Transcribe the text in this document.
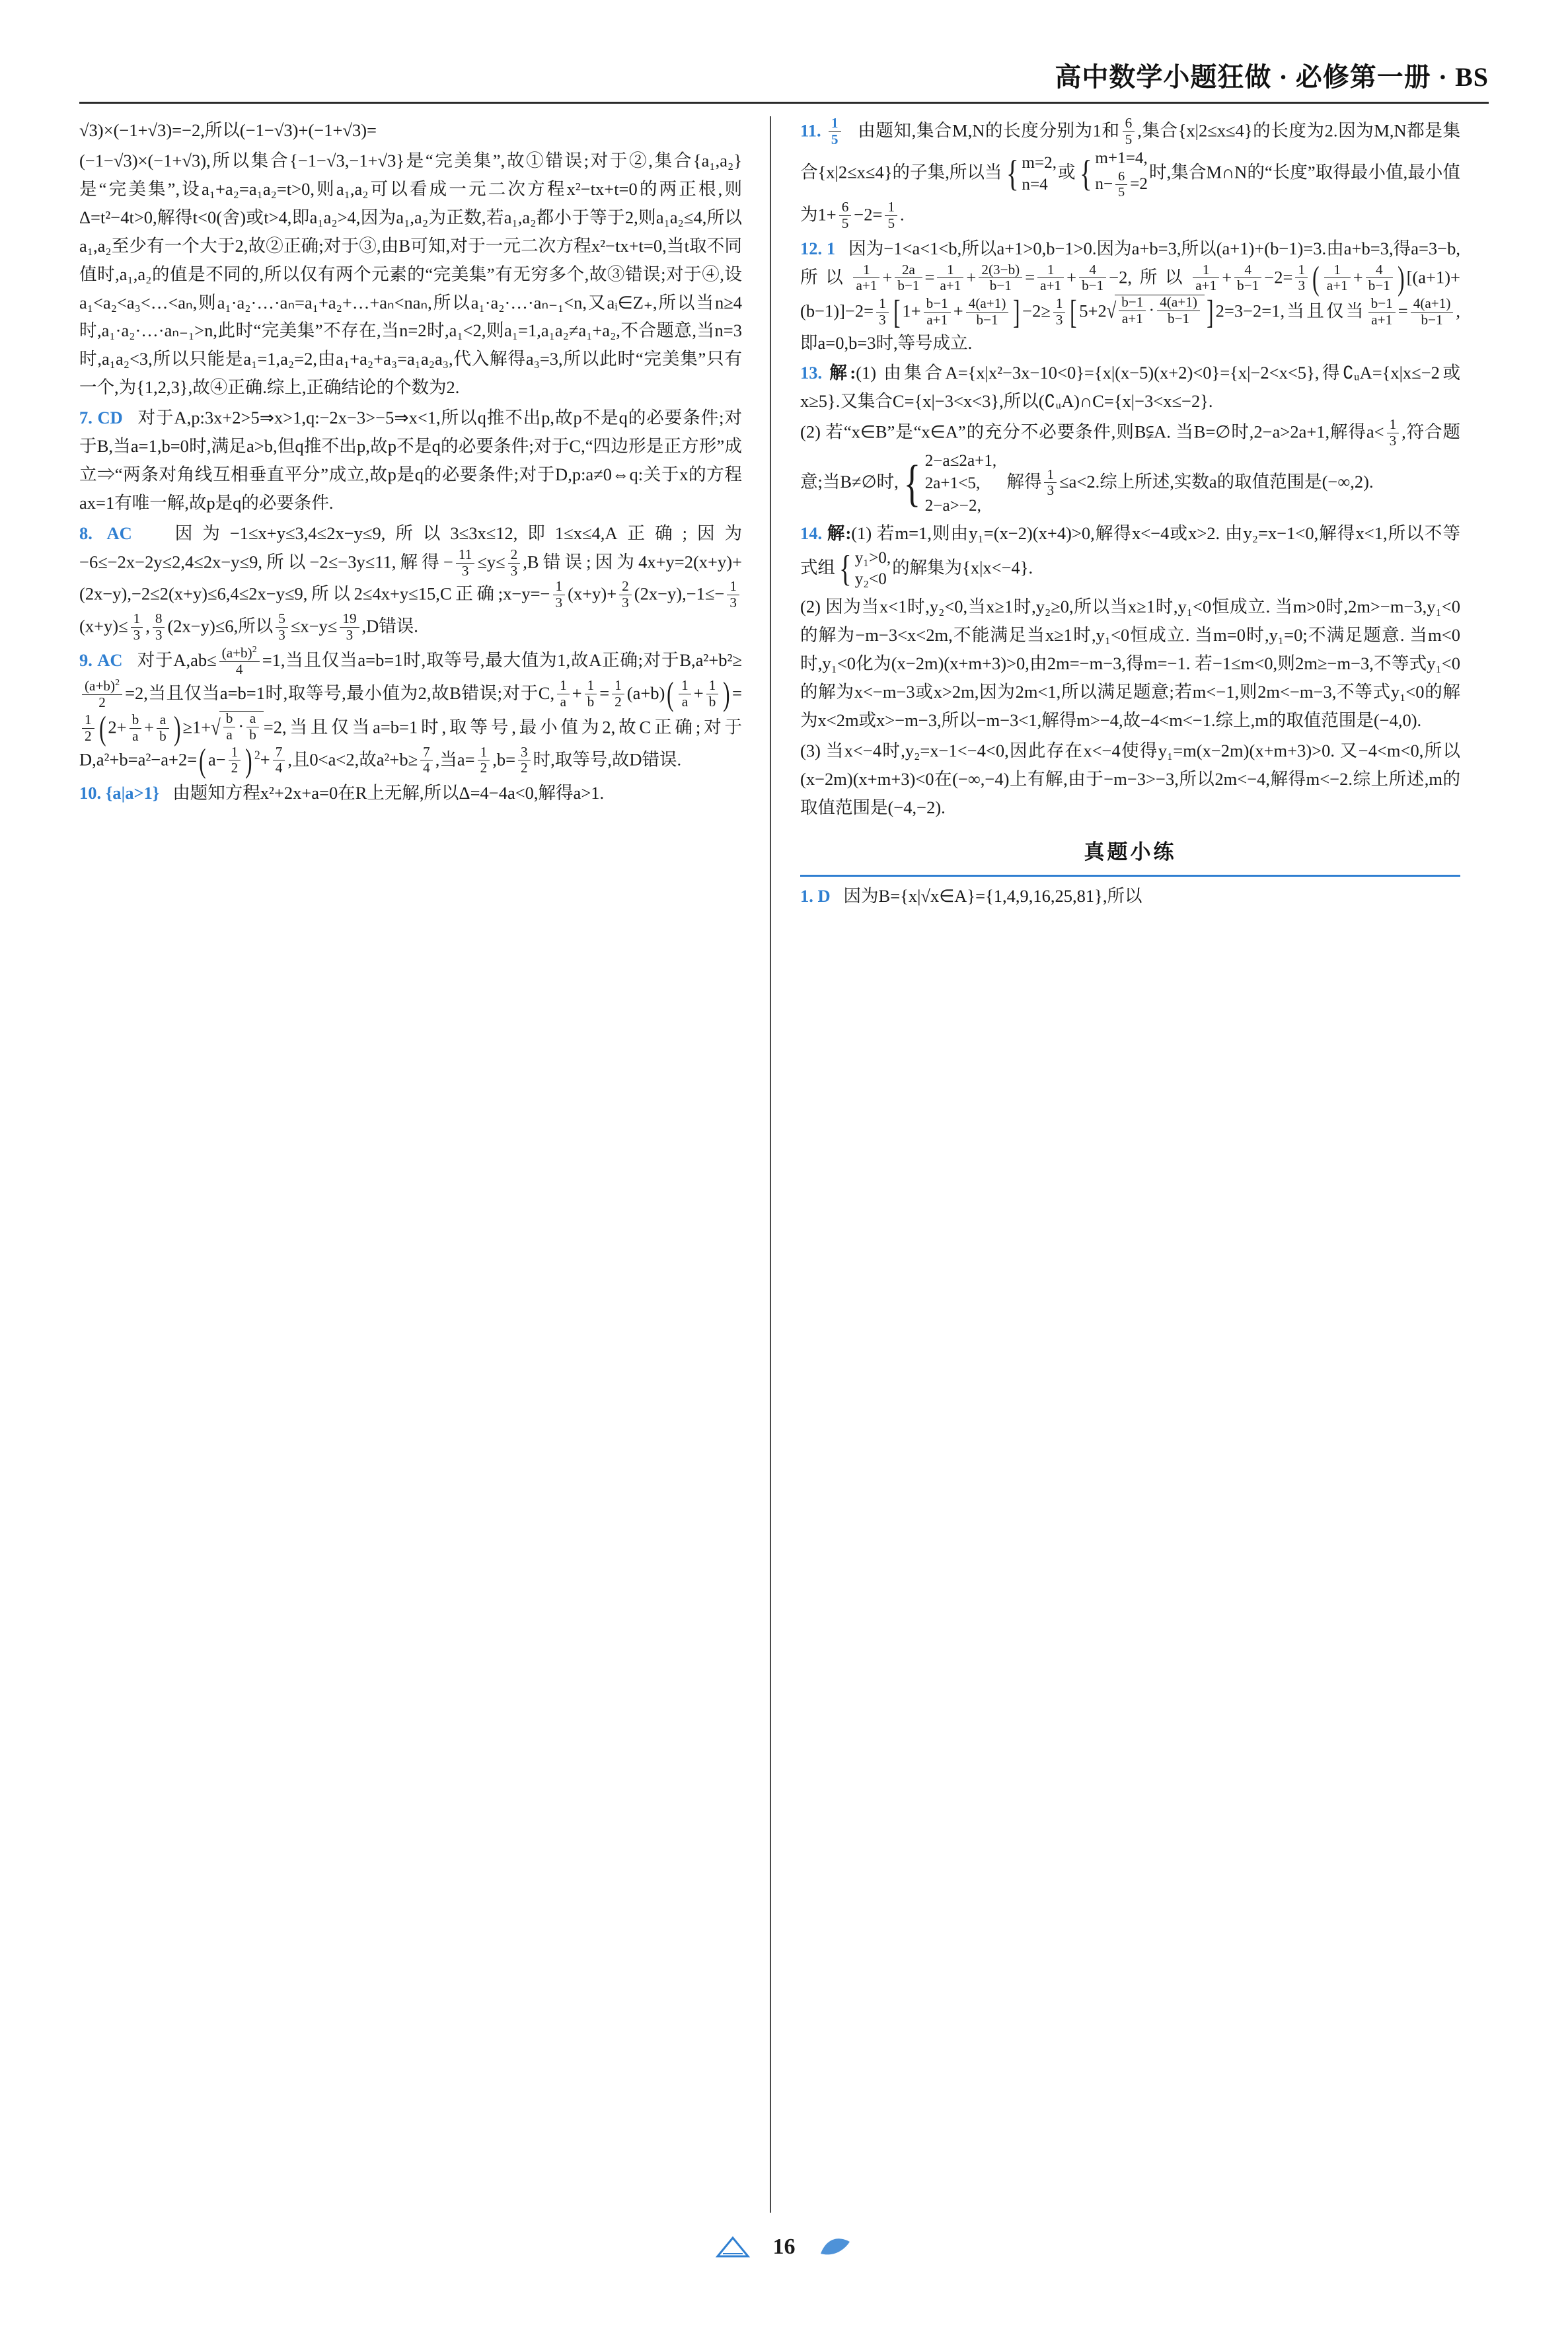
高中数学小题狂做 · 必修第一册 · BS

√3)×(−1+√3)=−2,所以(−1−√3)+(−1+√3)=

(−1−√3)×(−1+√3),所以集合{−1−√3,−1+√3}是“完美集”,故①错误;对于②,集合{a₁,a₂}是“完美集”,设a₁+a₂=a₁a₂=t>0,则a₁,a₂可以看成一元二次方程x²−tx+t=0的两正根,则Δ=t²−4t>0,解得t<0(舍)或t>4,即a₁a₂>4,因为a₁,a₂为正数,若a₁,a₂都小于等于2,则a₁a₂≤4,所以a₁,a₂至少有一个大于2,故②正确;对于③,由B可知,对于一元二次方程x²−tx+t=0,当t取不同值时,a₁,a₂的值是不同的,所以仅有两个元素的“完美集”有无穷多个,故③错误;对于④,设a₁<a₂<a₃<…<aₙ,则a₁·a₂·…·aₙ=a₁+a₂+…+aₙ<naₙ,所以a₁·a₂·…·aₙ₋₁<n,又aᵢ∈Z₊,所以当n≥4时,a₁·a₂·…·aₙ₋₁>n,此时“完美集”不存在,当n=2时,a₁<2,则a₁=1,a₁a₂≠a₁+a₂,不合题意,当n=3时,a₁a₂<3,所以只能是a₁=1,a₂=2,由a₁+a₂+a₃=a₁a₂a₃,代入解得a₃=3,所以此时“完美集”只有一个,为{1,2,3},故④正确.综上,正确结论的个数为2.

7. CD 对于A,p:3x+2>5⇒x>1,q:−2x−3>−5⇒x<1,所以q推不出p,故p不是q的必要条件;对于B,当a=1,b=0时,满足a>b,但q推不出p,故p不是q的必要条件;对于C,“四边形是正方形”成立⇒“两条对角线互相垂直平分”成立,故p是q的必要条件;对于D,p:a≠0⇔q:关于x的方程ax=1有唯一解,故p是q的必要条件.

8. AC 因为−1≤x+y≤3,4≤2x−y≤9,所以3≤3x≤12,即1≤x≤4,A正确;因为−6≤−2x−2y≤2,4≤2x−y≤9,所以−2≤−3y≤11,解得− $\frac{11}{3} \le y\le \frac{2}{3} ,B$错误;因为4x+y=2(x+y)+(2x−y),−2≤2(x+y)≤6,4≤2x−y≤9,所以2≤4x+y≤15,C正确;x−y=− $\frac{1}{3} (x+y)+ \frac{2}{3} (2x-y),-1\le- \frac{1}{3}$
$(x+y)\le \frac{1}{3}$ , $\frac{8}{3} (2x-y)\le 6$,所以 $\frac{5}{3} \le x-y\le \frac{19}{3} ,D$错误.

9. AC 对于$A,ab\le \frac{(a+b)^2}{4} =1$,当且仅当a=b=1时,取等号,最大值为1,故A正确;对于B,a²+b²≥
$\frac{(a+b)^2}{2} =2$,当且仅当a=b=1时,取等号,最小值为2,故B错误;对于C, $\frac{1}{a} + \frac{1}{b} = \frac{1}{2} (a+b)( \frac{1}{a} + \frac{1}{b}$ ) =
$\frac{1}{2}$ ( $2+ \frac{b}{a} + \frac{a}{b}$ ) ≥1+ √ $\frac{b}{a} \cdot \frac{a}{b} =2$,当且仅当a=b=1时,取等号,最小值为2,故C正确;对于D,a²+b=a²−a+2=( $a- \frac{1}{2}$ ) $^2+ \frac{7}{4}$ ,且0<a<2,故$a^2+b\ge \frac{7}{4}$ ,当$a= \frac{1}{2} ,b= \frac{3}{2}$ 时,取等号,故D错误.

10. {a|a>1} 由题知方程x²+2x+a=0在R上无解,所以Δ=4−4a<0,解得a>1.

11. $\frac{1}{5}$ 由题知,集合M,N的长度分别为1和 $\frac{6}{5}$ ,集合{x|2≤x≤4}的长度为2.因为M,N都是集合{x|2≤x≤4}的子集,所以当 { m=2,
n=4
或 { m+1=4,
$n- \frac{6}{5} =2$
时,集合M∩N的“长度”取得最小值,最小值为$1+ \frac{6}{5} -2= \frac{1}{5}$ .

12. 1 因为−1<a<1<b,所以a+1>0,b−1>0.因为a+b=3,所以(a+1)+(b−1)=3.由a+b=3,得a=3−b,所以 $\frac{1}{a+1} + \frac{2a}{b-1} = \frac{1}{a+1} + \frac{2(3-b)}{b-1} = \frac{1}{a+1} + \frac{4}{b-1} -2$,所以 $\frac{1}{a+1} + \frac{4}{b-1} -2= \frac{1}{3}$ ( $\frac{1}{a+1} + \frac{4}{b-1}$ ) $[(a+1)+(b-1)]-2= \frac{1}{3}$ [ $1+ \frac{b-1}{a+1} + \frac{4(a+1)}{b-1}$ ] $-2\ge \frac{1}{3}$ [ 5+2 √ $\frac{b-1}{a+1} \cdot \frac{4(a+1)}{b-1}$ ] 2=3−2=1,当且仅当 $\frac{b-1}{a+1} = \frac{4(a+1)}{b-1}$ ,即a=0,b=3时,等号成立.

13. 解:(1) 由集合A={x|x²−3x−10<0}={x|(x−5)(x+2)<0}={x|−2<x<5},得∁ᵤA={x|x≤−2或x≥5}.又集合C={x|−3<x<3},所以(∁ᵤA)∩C={x|−3<x≤−2}.

(2) 若“x∈B”是“x∈A”的充分不必要条件,则B⫋A. 当B=∅时,2−a>2a+1,解得$a< \frac{1}{3}$ ,符合题意;当B≠∅时, { 2−a≤2a+1,
2a+1<5,
2−a>−2,
解得 $\frac{1}{3} \le a<2$.综上所述,实数a的取值范围是(−∞,2).

14. 解:(1) 若m=1,则由y₁=(x−2)(x+4)>0,解得x<−4或x>2. 由y₂=x−1<0,解得x<1,所以不等式组 { y₁>0,
y₂<0
的解集为{x|x<−4}.

(2) 因为当x<1时,y₂<0,当x≥1时,y₂≥0,所以当x≥1时,y₁<0恒成立. 当m>0时,2m>−m−3,y₁<0的解为−m−3<x<2m,不能满足当x≥1时,y₁<0恒成立. 当m=0时,y₁=0;不满足题意. 当m<0时,y₁<0化为(x−2m)(x+m+3)>0,由2m=−m−3,得m=−1. 若−1≤m<0,则2m≥−m−3,不等式y₁<0的解为x<−m−3或x>2m,因为2m<1,所以满足题意;若m<−1,则2m<−m−3,不等式y₁<0的解为x<2m或x>−m−3,所以−m−3<1,解得m>−4,故−4<m<−1.综上,m的取值范围是(−4,0).

(3) 当x<−4时,y₂=x−1<−4<0,因此存在x<−4使得y₁=m(x−2m)(x+m+3)>0. 又−4<m<0,所以(x−2m)(x+m+3)<0在(−∞,−4)上有解,由于−m−3>−3,所以2m<−4,解得m<−2.综上所述,m的取值范围是(−4,−2).

真题小练

1. D 因为B={x|√x∈A}={1,4,9,16,25,81},所以

16
